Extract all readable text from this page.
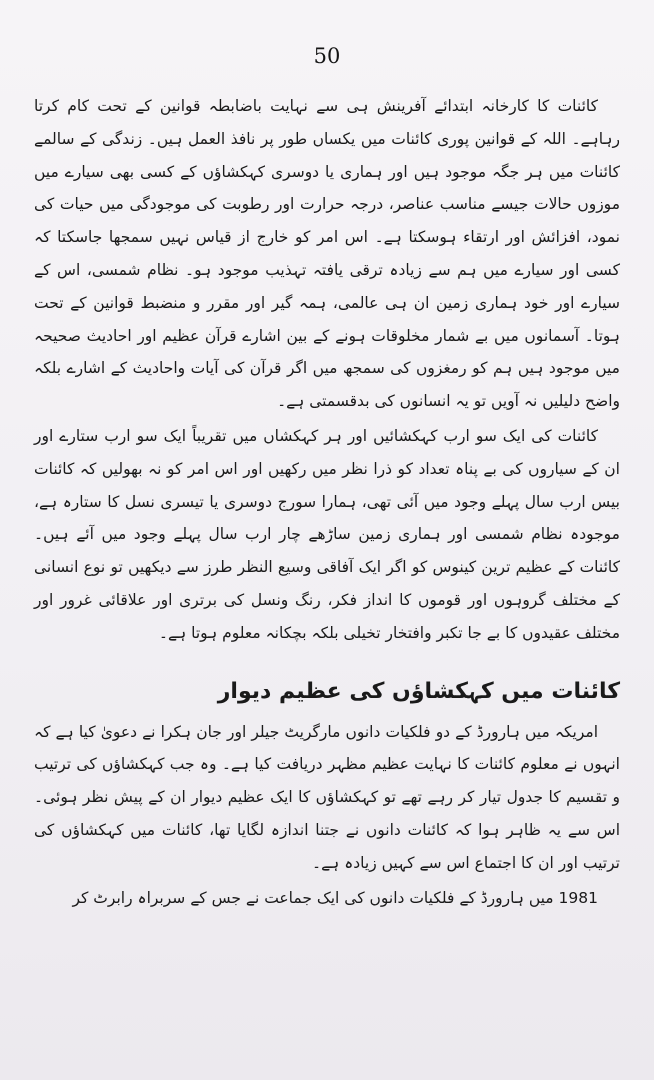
50

کائنات کا کارخانہ ابتدائے آفرینش ہی سے نہایت باضابطہ قوانین کے تحت کام کرتا رہاہے۔ اللہ کے قوانین پوری کائنات میں یکساں طور پر نافذ العمل ہیں۔ زندگی کے سالمے کائنات میں ہر جگہ موجود ہیں اور ہماری یا دوسری کہکشاؤں کے کسی بھی سیارے میں موزوں حالات جیسے مناسب عناصر، درجہ حرارت اور رطوبت کی موجودگی میں حیات کی نمود، افزائش اور ارتقاء ہوسکتا ہے۔ اس امر کو خارج از قیاس نہیں سمجھا جاسکتا کہ کسی اور سیارے میں ہم سے زیادہ ترقی یافتہ تہذیب موجود ہو۔ نظام شمسی، اس کے سیارے اور خود ہماری زمین ان ہی عالمی، ہمہ گیر اور مقرر و منضبط قوانین کے تحت ہوتا۔ آسمانوں میں بے شمار مخلوقات ہونے کے بین اشارے قرآن عظیم اور احادیث صحیحہ میں موجود ہیں ہم کو رمغزوں کی سمجھ میں اگر قرآن کی آیات واحادیث کے اشارے بلکہ واضح دلیلیں نہ آویں تو یہ انسانوں کی بدقسمتی ہے۔

کائنات کی ایک سو ارب کہکشائیں اور ہر کہکشاں میں تقریباً ایک سو ارب ستارے اور ان کے سیاروں کی بے پناہ تعداد کو ذرا نظر میں رکھیں اور اس امر کو نہ بھولیں کہ کائنات بیس ارب سال پہلے وجود میں آئی تھی، ہمارا سورج دوسری یا تیسری نسل کا ستارہ ہے، موجودہ نظام شمسی اور ہماری زمین ساڑھے چار ارب سال پہلے وجود میں آئے ہیں۔ کائنات کے عظیم ترین کینوس کو اگر ایک آفاقی وسیع النظر طرز سے دیکھیں تو نوع انسانی کے مختلف گروہوں اور قوموں کا انداز فکر، رنگ ونسل کی برتری اور علاقائی غرور اور مختلف عقیدوں کا بے جا تکبر وافتخار تخیلی بلکہ بچکانہ معلوم ہوتا ہے۔

کائنات میں کہکشاؤں کی عظیم دیوار

امریکہ میں ہارورڈ کے دو فلکیات دانوں مارگریٹ جیلر اور جان ہکرا نے دعویٰ کیا ہے کہ انہوں نے معلوم کائنات کا نہایت عظیم مظہر دریافت کیا ہے۔ وہ جب کہکشاؤں کی ترتیب و تقسیم کا جدول تیار کر رہے تھے تو کہکشاؤں کا ایک عظیم دیوار ان کے پیش نظر ہوئی۔ اس سے یہ ظاہر ہوا کہ کائنات دانوں نے جتنا اندازہ لگایا تھا، کائنات میں کہکشاؤں کی ترتیب اور ان کا اجتماع اس سے کہیں زیادہ ہے۔

1981 میں ہارورڈ کے فلکیات دانوں کی ایک جماعت نے جس کے سربراہ رابرٹ کر
